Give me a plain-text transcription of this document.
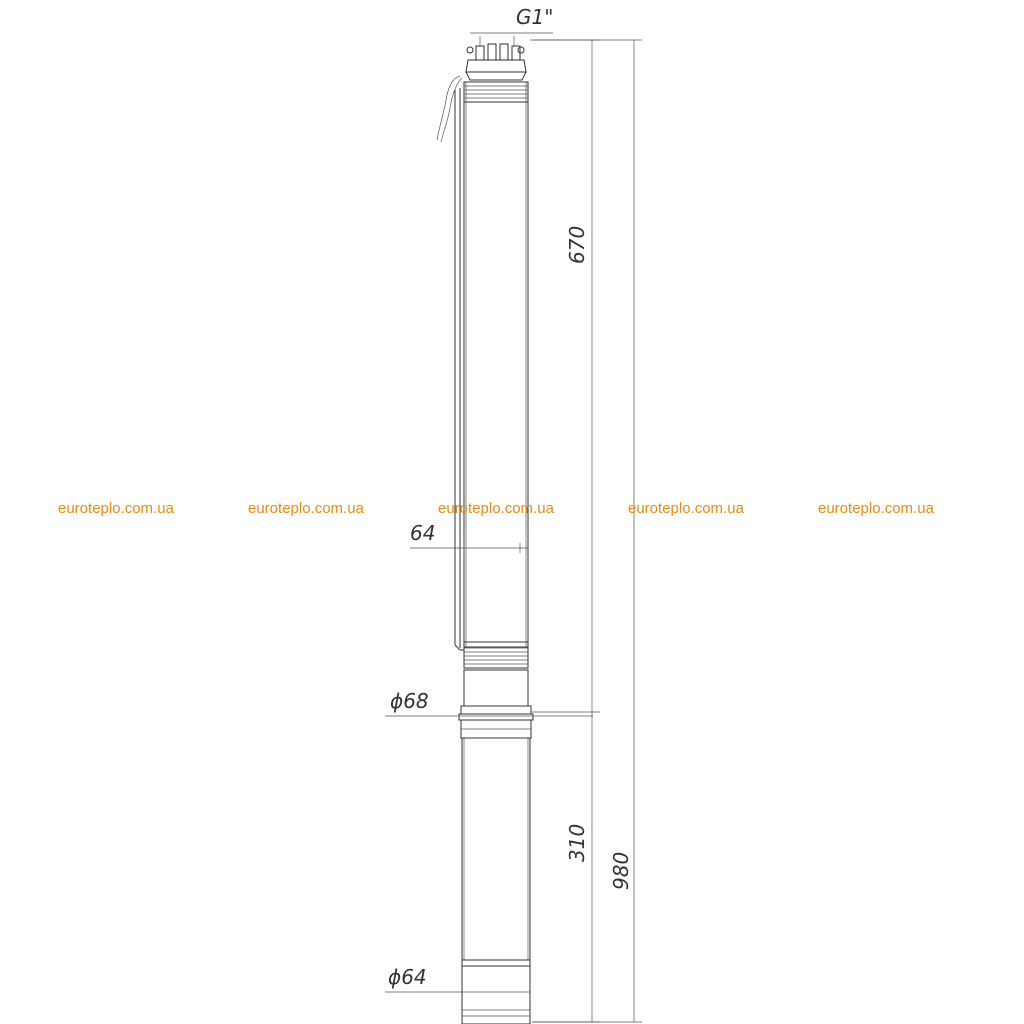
G1"
670
310
980
64
ϕ68
ϕ64
euroteplo.com.ua	euroteplo.com.ua	euroteplo.com.ua	euroteplo.com.ua	euroteplo.com.ua
